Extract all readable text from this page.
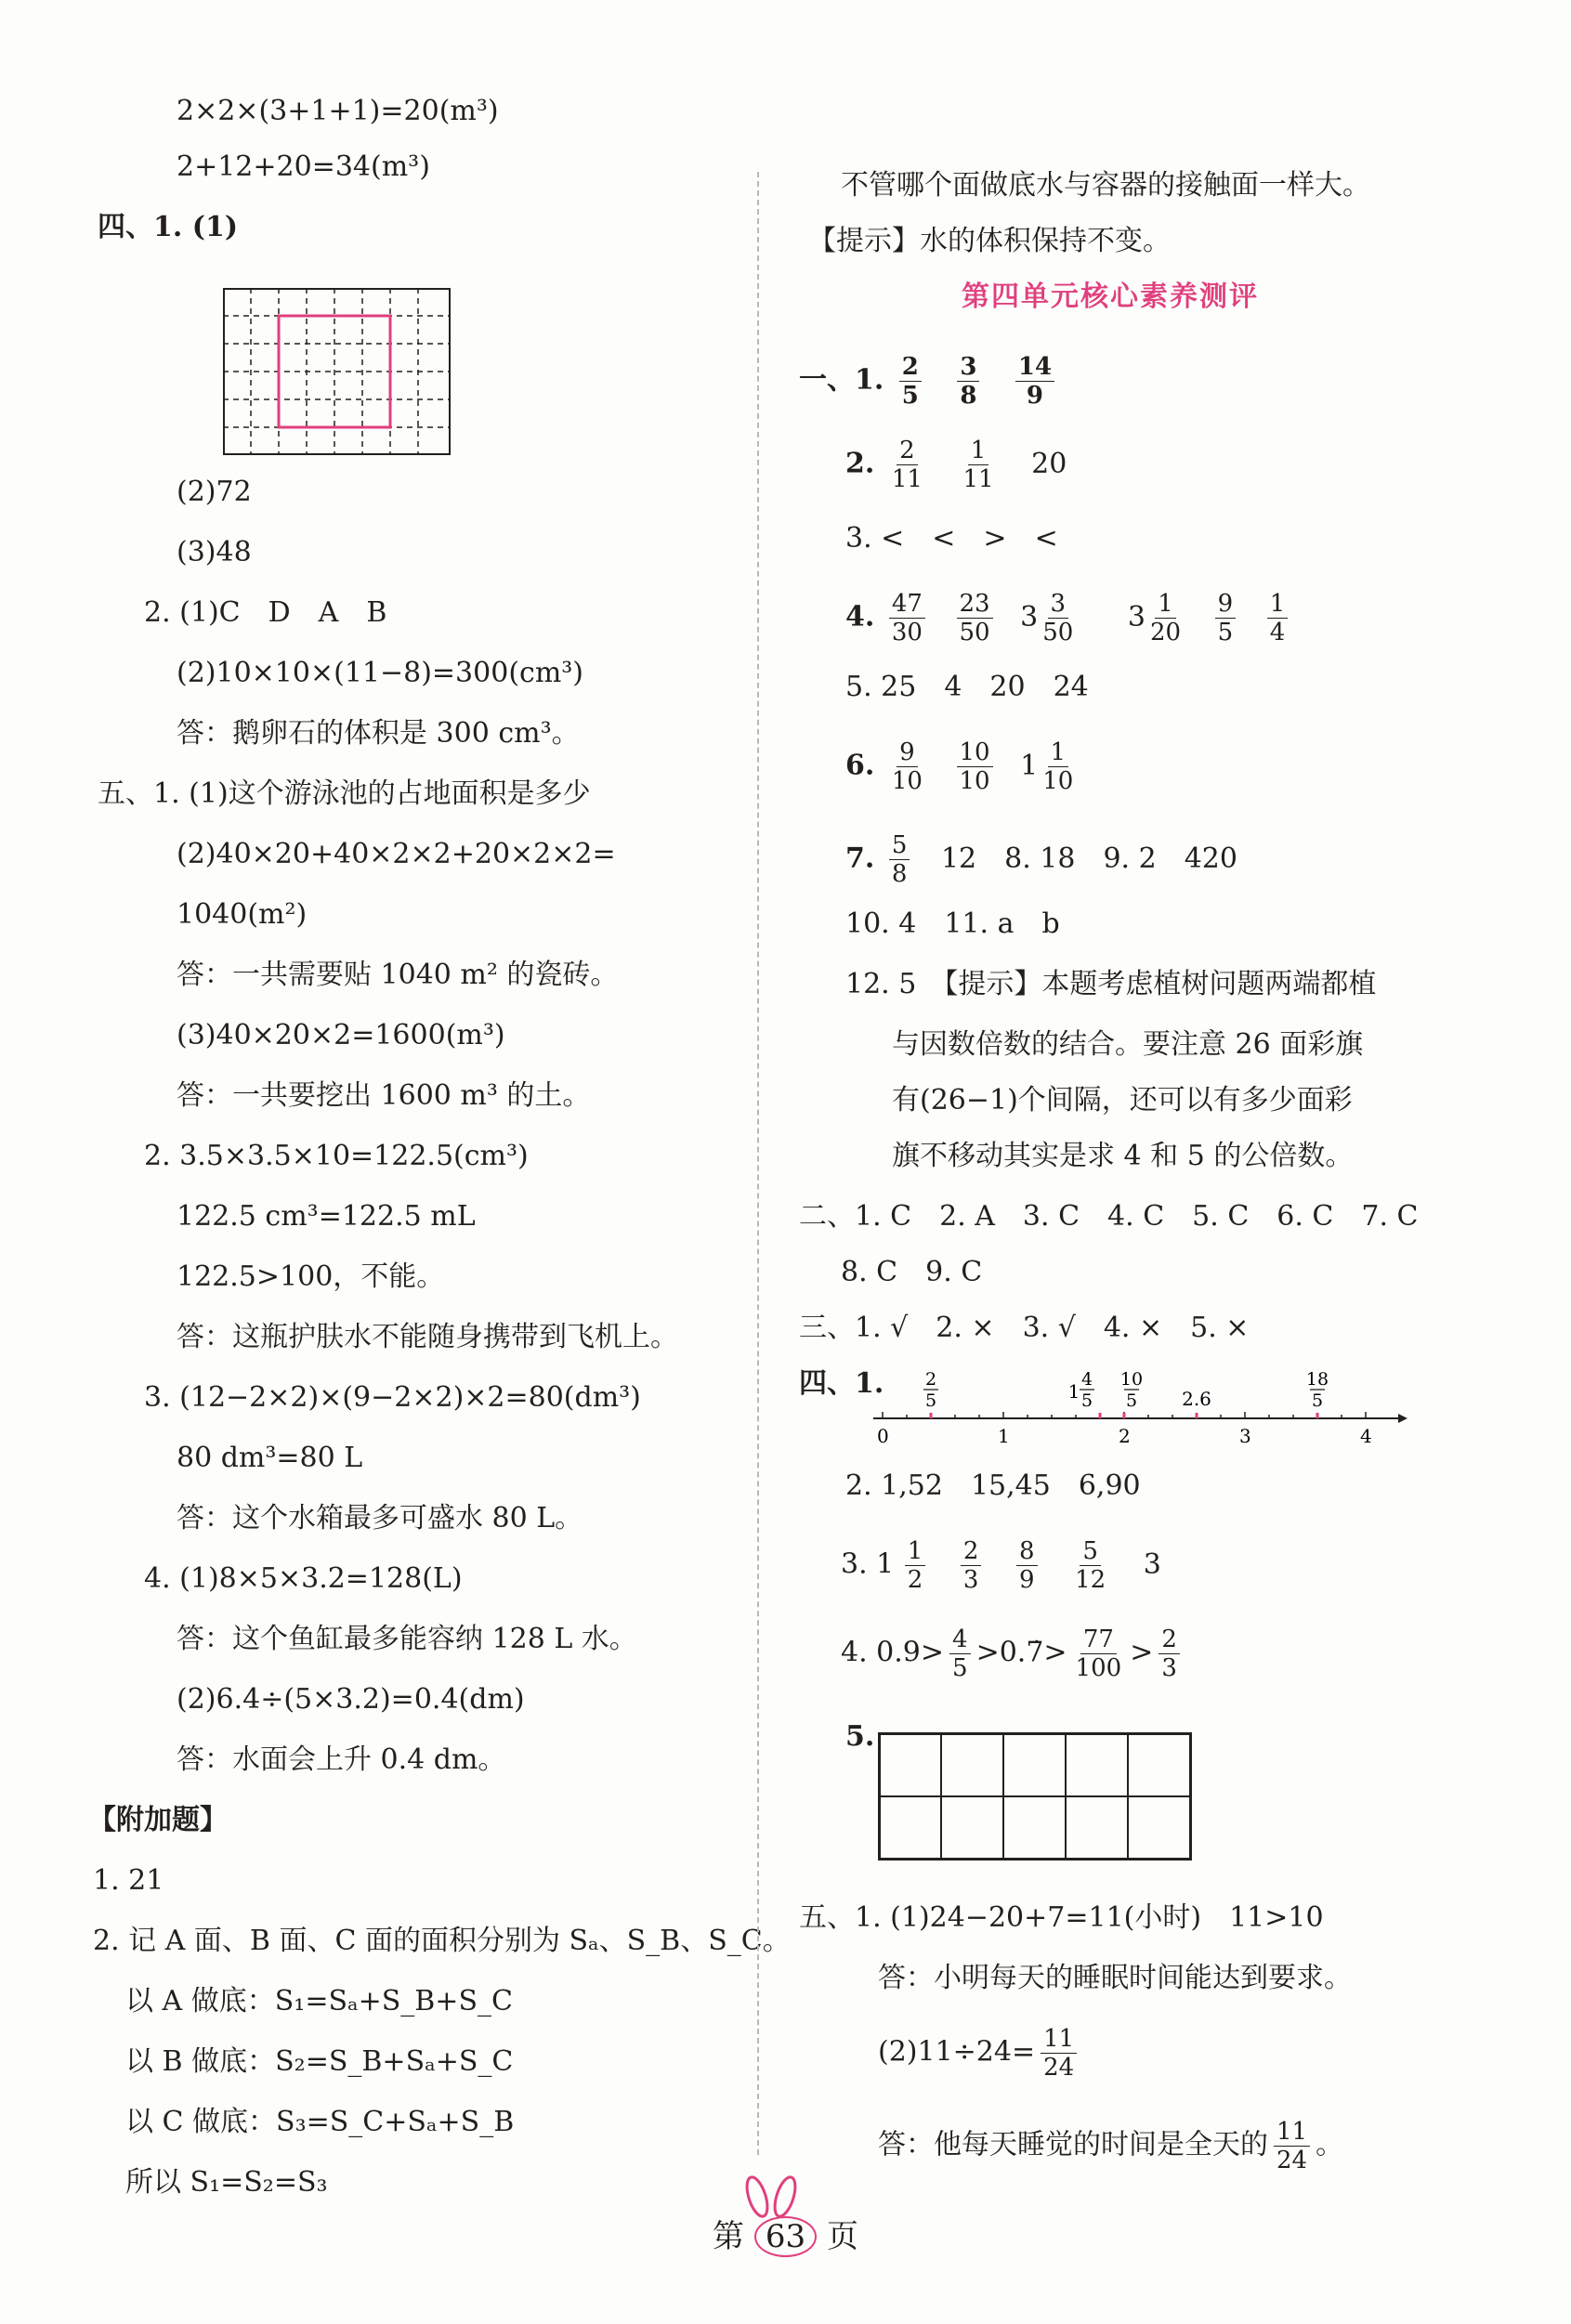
2×2×(3+1+1)=20(m³)
2+12+20=34(m³)
四、1. (1)
(2)72
(3)48
2. (1)C　D　A　B
(2)10×10×(11−8)=300(cm³)
答：鹅卵石的体积是 300 cm³。
五、1. (1)这个游泳池的占地面积是多少
(2)40×20+40×2×2+20×2×2=
1040(m²)
答：一共需要贴 1040 m² 的瓷砖。
(3)40×20×2=1600(m³)
答：一共要挖出 1600 m³ 的土。
2. 3.5×3.5×10=122.5(cm³)
122.5 cm³=122.5 mL
122.5>100，不能。
答：这瓶护肤水不能随身携带到飞机上。
3. (12−2×2)×(9−2×2)×2=80(dm³)
80 dm³=80 L
答：这个水箱最多可盛水 80 L。
4. (1)8×5×3.2=128(L)
答：这个鱼缸最多能容纳 128 L 水。
(2)6.4÷(5×3.2)=0.4(dm)
答：水面会上升 0.4 dm。
【附加题】
1. 21
2. 记 A 面、B 面、C 面的面积分别为 Sₐ、S_B、S_C。
以 A 做底：S₁=Sₐ+S_B+S_C
以 B 做底：S₂=S_B+Sₐ+S_C
以 C 做底：S₃=S_C+Sₐ+S_B
所以 S₁=S₂=S₃
不管哪个面做底水与容器的接触面一样大。
【提示】水的体积保持不变。
第四单元核心素养测评
一、1. $\frac{2}{5}$
$\frac{3}{8}$
$\frac{14}{9}$
2. $\frac{2}{11}$
$\frac{1}{11} 20$
3. <　<　>　<
4. $\frac{47}{30}$
$\frac{23}{50} 3 \frac{3}{50} 3 \frac{1}{20}$
$\frac{9}{5}$
$\frac{1}{4}$
5. 25　4　20　24
6. $\frac{9}{10}$
$\frac{10}{10} 1 \frac{1}{10}$
7. $\frac{5}{8} 12$　8. 18　9. 2　420
10. 4　11. a　b
12. 5　【提示】本题考虑植树问题两端都植
与因数倍数的结合。要注意 26 面彩旗
有(26−1)个间隔，还可以有多少面彩
旗不移动其实是求 4 和 5 的公倍数。
二、1. C　2. A　3. C　4. C　5. C　6. C　7. C
8. C　9. C
三、1. √　2. ×　3. √　4. ×　5. ×
四、1.
0	1	2	3	4
2
5	1
4
5
10
5 2.6
18
5
2. 1,52　15,45　6,90
3. $1 \frac{1}{2}$
$\frac{2}{3}$
$\frac{8}{9}$
$\frac{5}{12} 3$
4. $0.9> \frac{4}{5}$ >0.7̇> $\frac{77}{100} > \frac{2}{3}$
5.
五、1. (1)24−20+7=11(小时)　11>10
答：小明每天的睡眠时间能达到要求。
$(2)11\div 24= \frac{11}{24}$
答：他每天睡觉的时间是全天的 $\frac{11}{24}$ 。
第 63 页
